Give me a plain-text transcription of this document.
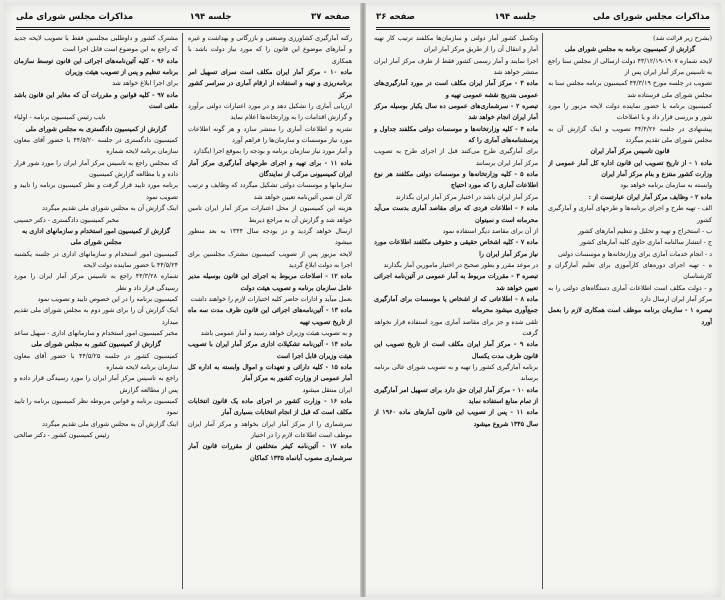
صفحه ۳۷
جلسه ۱۹۴
مذاکرات مجلس شورای ملی

رکنه آمارگیری کشاورزی وصنعتی و بازرگانی و بهداشت و غیره و آمارهای موضوع این قانون را که مورد نیاز دولت باشد با همکاری

ماده ۱۰ - مرکز آمار ایران مکلف است سرای تسهیل امر برنامه‌ریزی و تهیه و استفاده از ارقام آماری در سراسر کشور مرکز

ارزیابی آماری را تشکیل دهد و در مورد اعتبارات دولتی برآورد و گزارش اقدامات را به وزارتخانه‌ها اعلام نماید

نشریه و اطلاعات آماری را منتشر سازد و هر گونه اطلاعات مورد نیاز موسسات و سازمان‌ها را فراهم آورد

و آمار مورد نیاز سازمان برنامه و بودجه را بموقع اجرا ایگذارد

ماده ۱۱ - برای تهیه و اجرای طرحهای آمارگیری مرکز آمار ایران کمیسیونی مرکب از نمایندگان

سازمانها و موسسات دولتی تشکیل میگردد که وظایف و ترتیب کار آن ضمن آئین‌نامه تعیین خواهد شد

هزینه این کمیسیون از محل اعتبارات مرکز آمار ایران تامین خواهد شد و گزارش آن به مراجع ذیربط

ارسال خواهد گردید و در بودجه سال ۱۳۴۴ به بعد منظور میشود

لایحه مزبور پس از تصویب کمیسیون مشترک مجلسین برای اجرا به دولت ابلاغ گردید

ماده ۱۲ - اصلاحات مربوط به اجرای این قانون بوسیله مدیر عامل سازمان برنامه و تصویب هیئت دولت

بعمل میآید و ادارات حاضر کلیه اختیارات لازم را خواهند داشت

ماده ۱۳ - آئین‌نامه‌های اجرائی این قانون ظرف مدت سه ماه از تاریخ تصویب تهیه

و به تصویب هیئت وزیران خواهد رسید و آمار عمومی باشد

ماده ۱۴ - آئین‌نامه تشکیلات اداری مرکز آمار ایران با تصویب هیئت وزیران قابل اجرا است

ماده ۱۵ - کلیه دارائی و تعهدات و اموال وابسته به اداره کل آمار عمومی از وزارت کشور به مرکز آمار

ایران منتقل میشود

ماده ۱۶ - وزارت کشور در اجرای ماده یک قانون انتخابات مکلف است که قبل از انجام انتخابات بسیاری آمار

سرشماری را از مرکز آمار ایران بخواهد و مرکز آمار ایران موظف است اطلاعات لازم را در اختیار

ماده ۱۷ - آئین‌نامه کیفر متخلفین از مقررات قانون آمار سرشماری مصوب آبانماه ۱۳۳۵ کماکان

مشترک کشور و داوطلبی مجلسین فقط با تصویب لایحه جدید که راجع به این موضوع است قابل اجرا است

ماده ۹۶ - کلیه آئین‌نامه‌های اجرائی این قانون توسط سازمان برنامه تنظیم و پس از تصویب هیئت وزیران

برای اجرا ابلاغ خواهد شد

ماده ۹۷ - کلیه قوانین و مقررات آن که مغایر این قانون باشد ملغی است

نایب رئیس کمیسیون برنامه - اولیاء

گزارش از کمیسیون دادگستری به مجلس شورای ملی

کمیسیون دادگستری در جلسه ۴۴/۵/۲۰ با حضور آقای معاون سازمان برنامه لایحه شماره

که بمجلس راجع به تاسیس مرکز آمار ایران را مورد شور قرار داده و با مطالعه گزارش کمیسیون

برنامه مورد تایید قرار گرفت و نظر کمیسیون برنامه را تایید و تصویب نمود

اینک گزارش آن به مجلس شورای ملی تقدیم میگردد

مخبر کمیسیون دادگستری - دکتر حسینی

گزارش از کمیسیون امور استخدام و سازمانهای اداری به مجلس شورای ملی

کمیسیون امور استخدام و سازمانهای اداری در جلسه یکشنبه ۴۴/۵/۲۴ با حضور نماینده دولت لایحه

شماره ۴۴/۳/۲۸ راجع به تاسیس مرکز آمار ایران را مورد رسیدگی قرار داد و نظر

کمیسیون برنامه را در این خصوص تایید و تصویب نمود

اینک گزارش آن را برای شور دوم به مجلس شورای ملی تقدیم میدارد

مخبر کمیسیون امور استخدام و سازمانهای اداری - سهیل ساعد

گزارش از کمیسیون کشور به مجلس شورای ملی

کمیسیون کشور در جلسه ۴۴/۵/۲۵ با حضور آقای معاون سازمان برنامه لایحه شماره

راجع به تاسیس مرکز آمار ایران را مورد رسیدگی قرار داده و پس از مطالعه گزارش

کمیسیون برنامه و قوانین مربوطه نظر کمیسیون برنامه را تایید نمود

اینک گزارش آن به مجلس شورای ملی تقدیم میگردد

رئیس کمیسیون کشور - دکتر صالحی

مذاکرات مجلس شورای ملی
جلسه ۱۹۴
صفحه ۳۶

(بشرح زیر قرائت شد)

گزارش از کمیسیون برنامه به مجلس شورای ملی

لایحه شماره ۱۹۰۷-۴۳/۱۲/۱۹ دولت ارسالی از مجلس سنا راجع به تاسیس مرکز آمار ایران پس از

تصویب در جلسه مورخ ۴۴/۳/۱۹ کمیسیون برنامه مجلس سنا به مجلس شورای ملی فرستاده شد

کمیسیون برنامه با حضور نماینده دولت لایحه مزبور را مورد شور و بررسی قرار داد و با اصلاحات

پیشنهادی در جلسه ۴۴/۴/۲۶ تصویب و اینک گزارش آن به مجلس شورای ملی تقدیم میگردد

قانون تاسیس مرکز آمار ایران

ماده ۱ - از تاریخ تصویب این قانون اداره کل آمار عمومی از وزارت کشور منتزع و بنام مرکز آمار ایران

وابسته به سازمان برنامه خواهد بود

ماده ۲ - وظایف مرکز آمار ایران عبارتست از :

الف - تهیه طرح و اجرای برنامه‌ها و طرحهای آماری و آمارگیری کشور

ب - استخراج و تهیه و تحلیل و تنظیم آمارهای کشور

ج - انتشار سالنامه آماری حاوی کلیه آمارهای کشور

د - انجام خدمات آماری برای وزارتخانه‌ها و موسسات دولتی

ه - تهیه اجرای دوره‌های کارآموزی برای تعلیم آمارگران و کارشناسان

و - دولت مکلف است اطلاعات آماری دستگاه‌های دولتی را به مرکز آمار ایران ارسال دارد

تبصره ۱ - سازمان برنامه موظف است همکاری لازم را بعمل آورد

وتکمیل کشور آمار دولتی و سازمان‌ها مکلفند ترتیب کار تهیه آمار و انتقال آن را از طریق مرکز آمار ایران

اجرا نمایند و آمار رسمی کشور فقط از طرف مرکز آمار ایران منتشر خواهد شد

ماده ۳ - مرکز آمار ایران مکلف است در مورد آمارگیری‌های عمومی بتدریج نقشه عمومی تهیه و

تبصره ۲ - سرشماری‌های عمومی ده سال یکبار بوسیله مرکز آمار ایران انجام خواهد شد

ماده ۴ - کلیه وزارتخانه‌ها و موسسات دولتی مکلفند جداول و پرسشنامه‌های آماری را که

برای آمارگیری طرح می‌کنند قبل از اجرای طرح به تصویب مرکز آمار ایران برسانند

ماده ۵ - کلیه وزارتخانه‌ها و موسسات دولتی مکلفند هر نوع اطلاعات آماری را که مورد احتیاج

مرکز آمار ایران باشد در اختیار مرکز آمار ایران بگذارند

ماده ۶ - اطلاعات فردی که برای مقاصد آماری بدست می‌آید محرمانه است و نمیتوان

از آن برای مقاصد دیگر استفاده نمود

ماده ۷ - کلیه اشخاص حقیقی و حقوقی مکلفند اطلاعات مورد نیاز مرکز آمار ایران را

در موعد مقرر و بطور صحیح در اختیار مامورین آمار بگذارند

تبصره ۳ - مقررات مربوط به آمار عمومی در آئین‌نامه اجرائی تعیین خواهد شد

ماده ۸ - اطلاعاتی که از اشخاص یا موسسات برای آمارگیری جمع‌آوری میشود محرمانه

تلقی شده و جز برای مقاصد آماری مورد استفاده قرار نخواهد گرفت

ماده ۹ - مرکز آمار ایران مکلف است از تاریخ تصویب این قانون ظرف مدت یکسال

برنامه آمارگیری کشور را تهیه و به تصویب شورای عالی برنامه برساند

ماده ۱۰ - مرکز آمار ایران حق دارد برای تسهیل امر آمارگیری از تمام منابع استفاده نماید

ماده ۱۱ - پس از تصویب این قانون آمارهای ماده ۱۹۶۰ از سال ۱۳۴۵ شروع میشود
